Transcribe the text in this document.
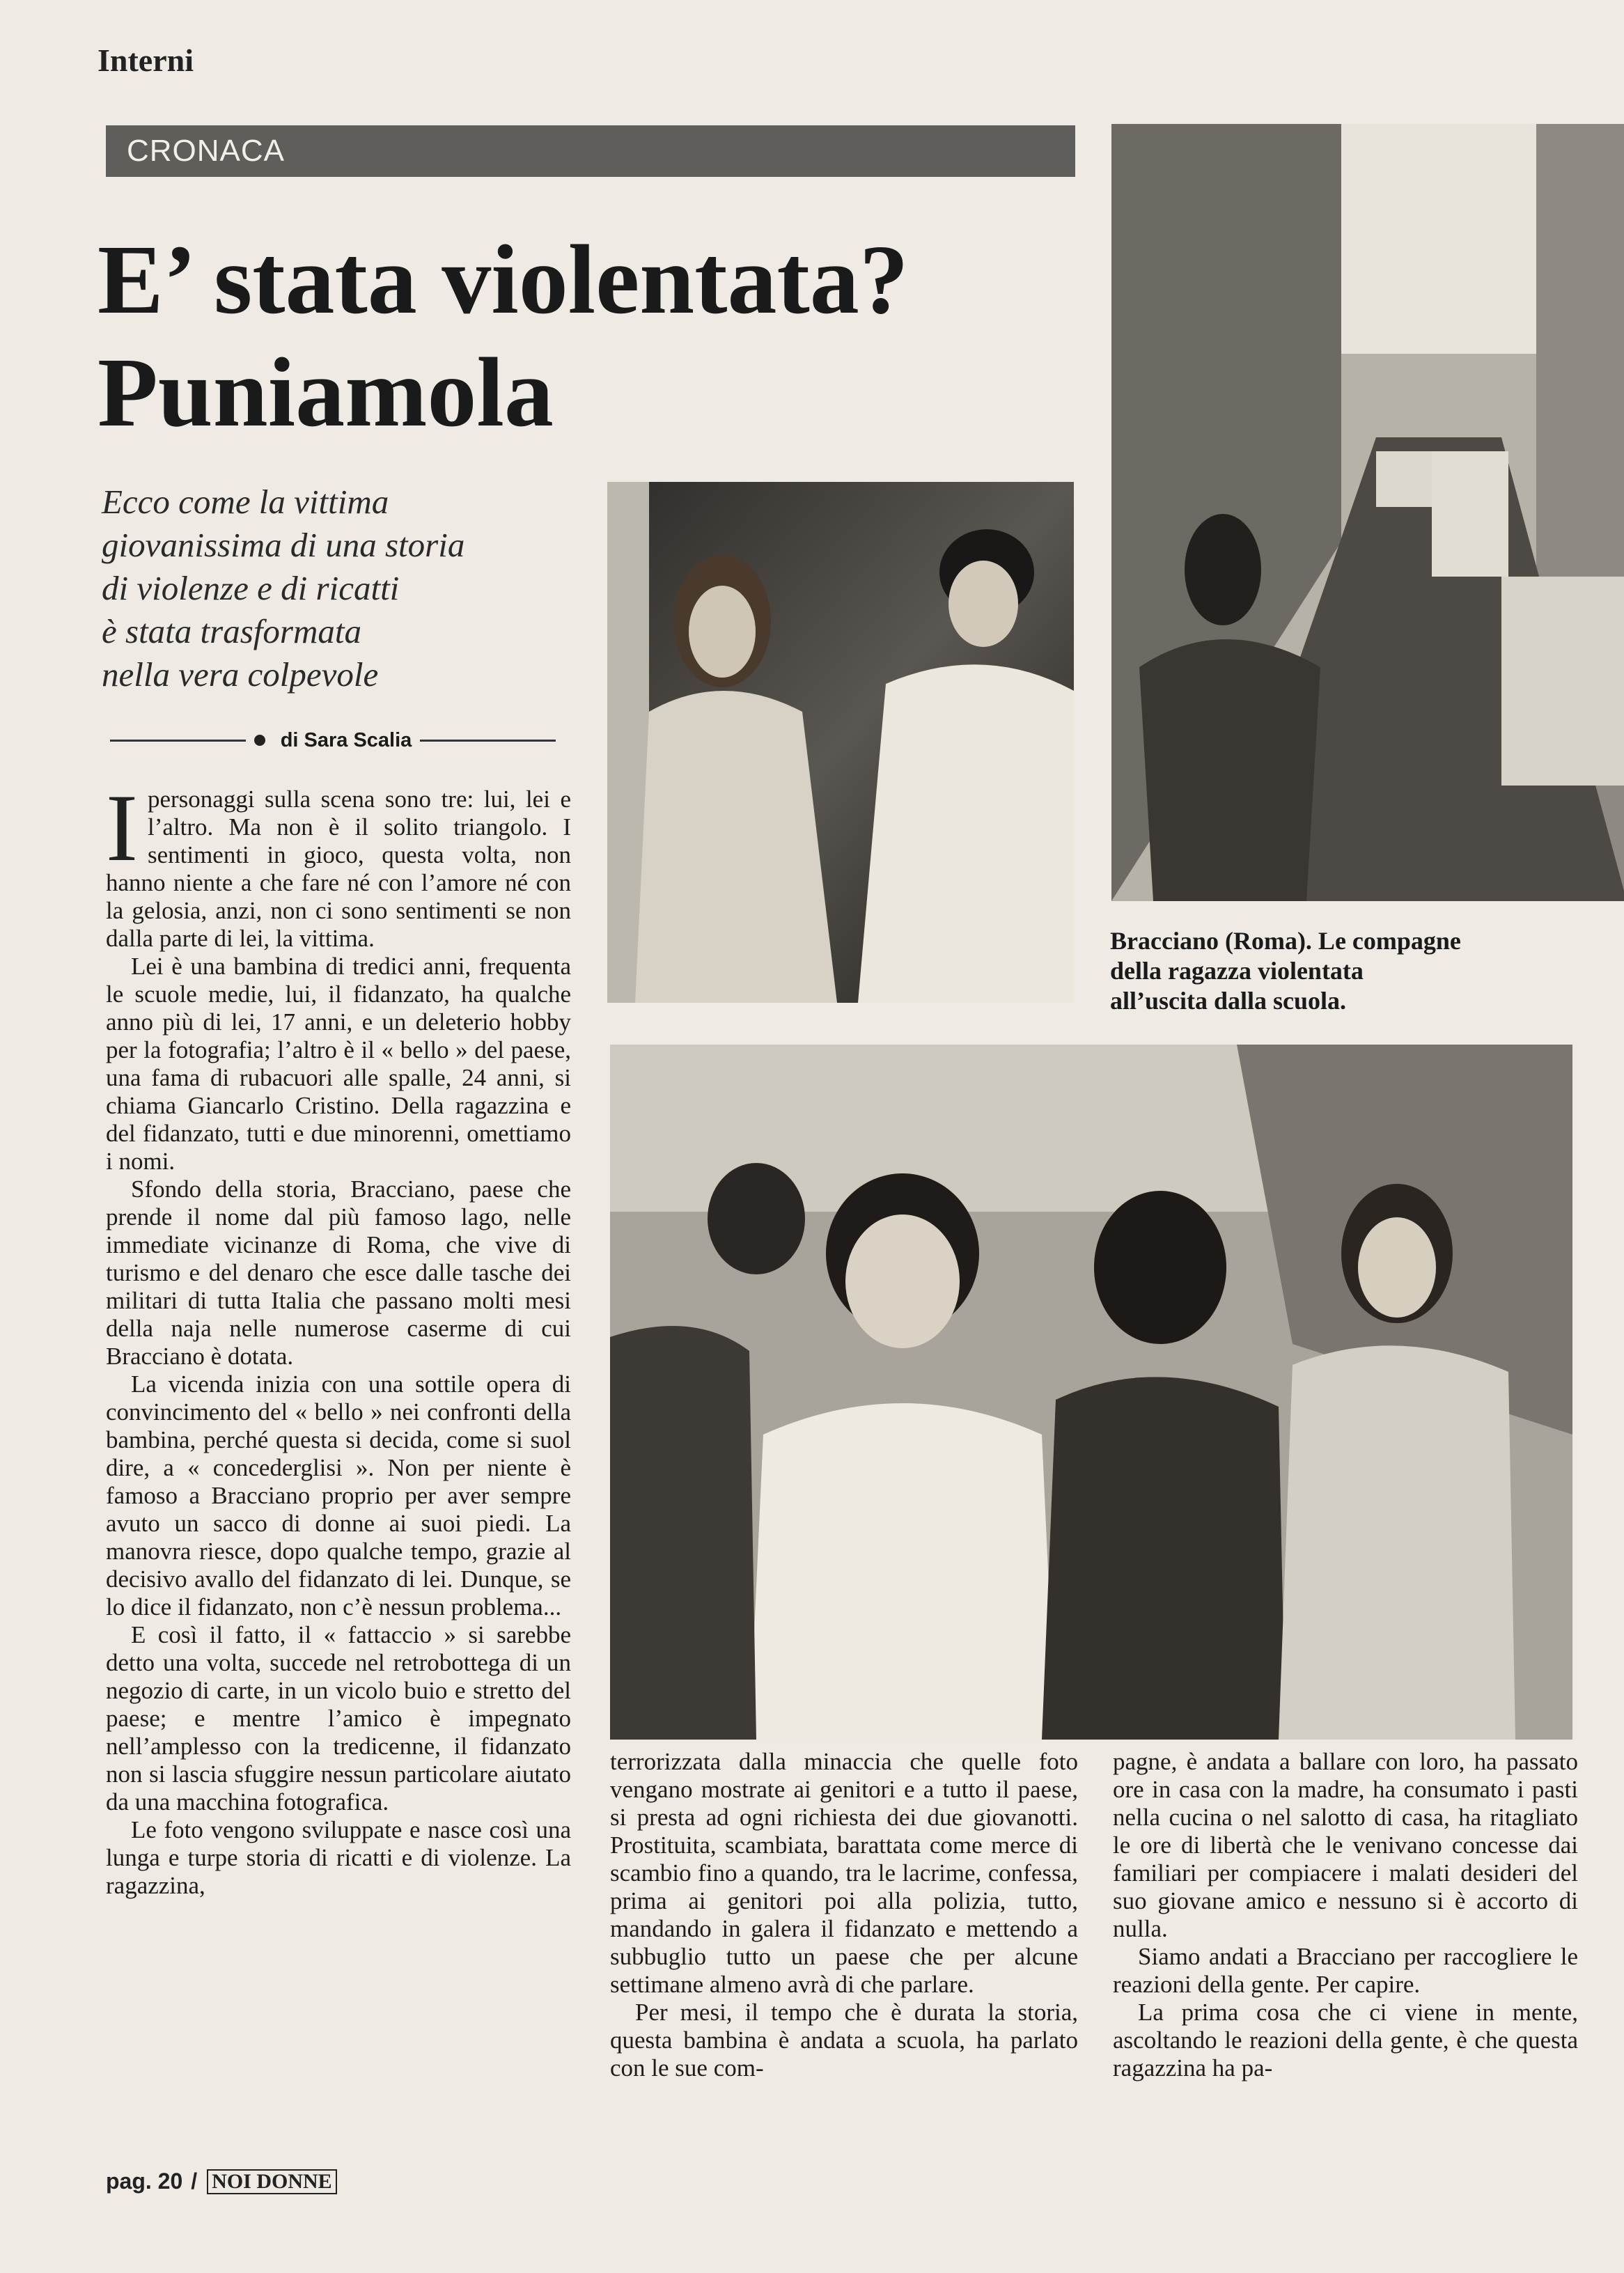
Interni
CRONACA
E’ stata violentata?
Puniamola
Ecco come la vittima
giovanissima di una storia
di violenze e di ricatti
è stata trasformata
nella vera colpevole
di Sara Scalia

Ipersonaggi sulla scena sono tre: lui, lei e l’altro. Ma non è il solito triangolo. I sentimenti in gioco, questa volta, non hanno niente a che fare né con l’amore né con la gelosia, anzi, non ci sono sentimenti se non dalla parte di lei, la vittima.

Lei è una bambina di tredici anni, frequenta le scuole medie, lui, il fidanzato, ha qualche anno più di lei, 17 anni, e un deleterio hobby per la fotografia; l’altro è il « bello » del paese, una fama di rubacuori alle spalle, 24 anni, si chiama Giancarlo Cristino. Della ragazzina e del fidanzato, tutti e due minorenni, omettiamo i nomi.

Sfondo della storia, Bracciano, paese che prende il nome dal più famoso lago, nelle immediate vicinanze di Roma, che vive di turismo e del denaro che esce dalle tasche dei militari di tutta Italia che passano molti mesi della naja nelle numerose caserme di cui Bracciano è dotata.

La vicenda inizia con una sottile opera di convincimento del « bello » nei confronti della bambina, perché questa si decida, come si suol dire, a « concederglisi ». Non per niente è famoso a Bracciano proprio per aver sempre avuto un sacco di donne ai suoi piedi. La manovra riesce, dopo qualche tempo, grazie al decisivo avallo del fidanzato di lei. Dunque, se lo dice il fidanzato, non c’è nessun problema...

E così il fatto, il « fattaccio » si sarebbe detto una volta, succede nel retrobottega di un negozio di carte, in un vicolo buio e stretto del paese; e mentre l’amico è impegnato nell’amplesso con la tredicenne, il fidanzato non si lascia sfuggire nessun particolare aiutato da una macchina fotografica.

Le foto vengono sviluppate e nasce così una lunga e turpe storia di ricatti e di violenze. La ragazzina,

Bracciano (Roma). Le compagne
della ragazza violentata
all’uscita dalla scuola.

terrorizzata dalla minaccia che quelle foto vengano mostrate ai genitori e a tutto il paese, si presta ad ogni richiesta dei due giovanotti. Prostituita, scambiata, barattata come merce di scambio fino a quando, tra le lacrime, confessa, prima ai genitori poi alla polizia, tutto, mandando in galera il fidanzato e mettendo a subbuglio tutto un paese che per alcune settimane almeno avrà di che parlare.

Per mesi, il tempo che è durata la storia, questa bambina è andata a scuola, ha parlato con le sue com-

pagne, è andata a ballare con loro, ha passato ore in casa con la madre, ha consumato i pasti nella cucina o nel salotto di casa, ha ritagliato le ore di libertà che le venivano concesse dai familiari per compiacere i malati desideri del suo giovane amico e nessuno si è accorto di nulla.

Siamo andati a Bracciano per raccogliere le reazioni della gente. Per capire.

La prima cosa che ci viene in mente, ascoltando le reazioni della gente, è che questa ragazzina ha pa-

pag. 20 / NOI DONNE
